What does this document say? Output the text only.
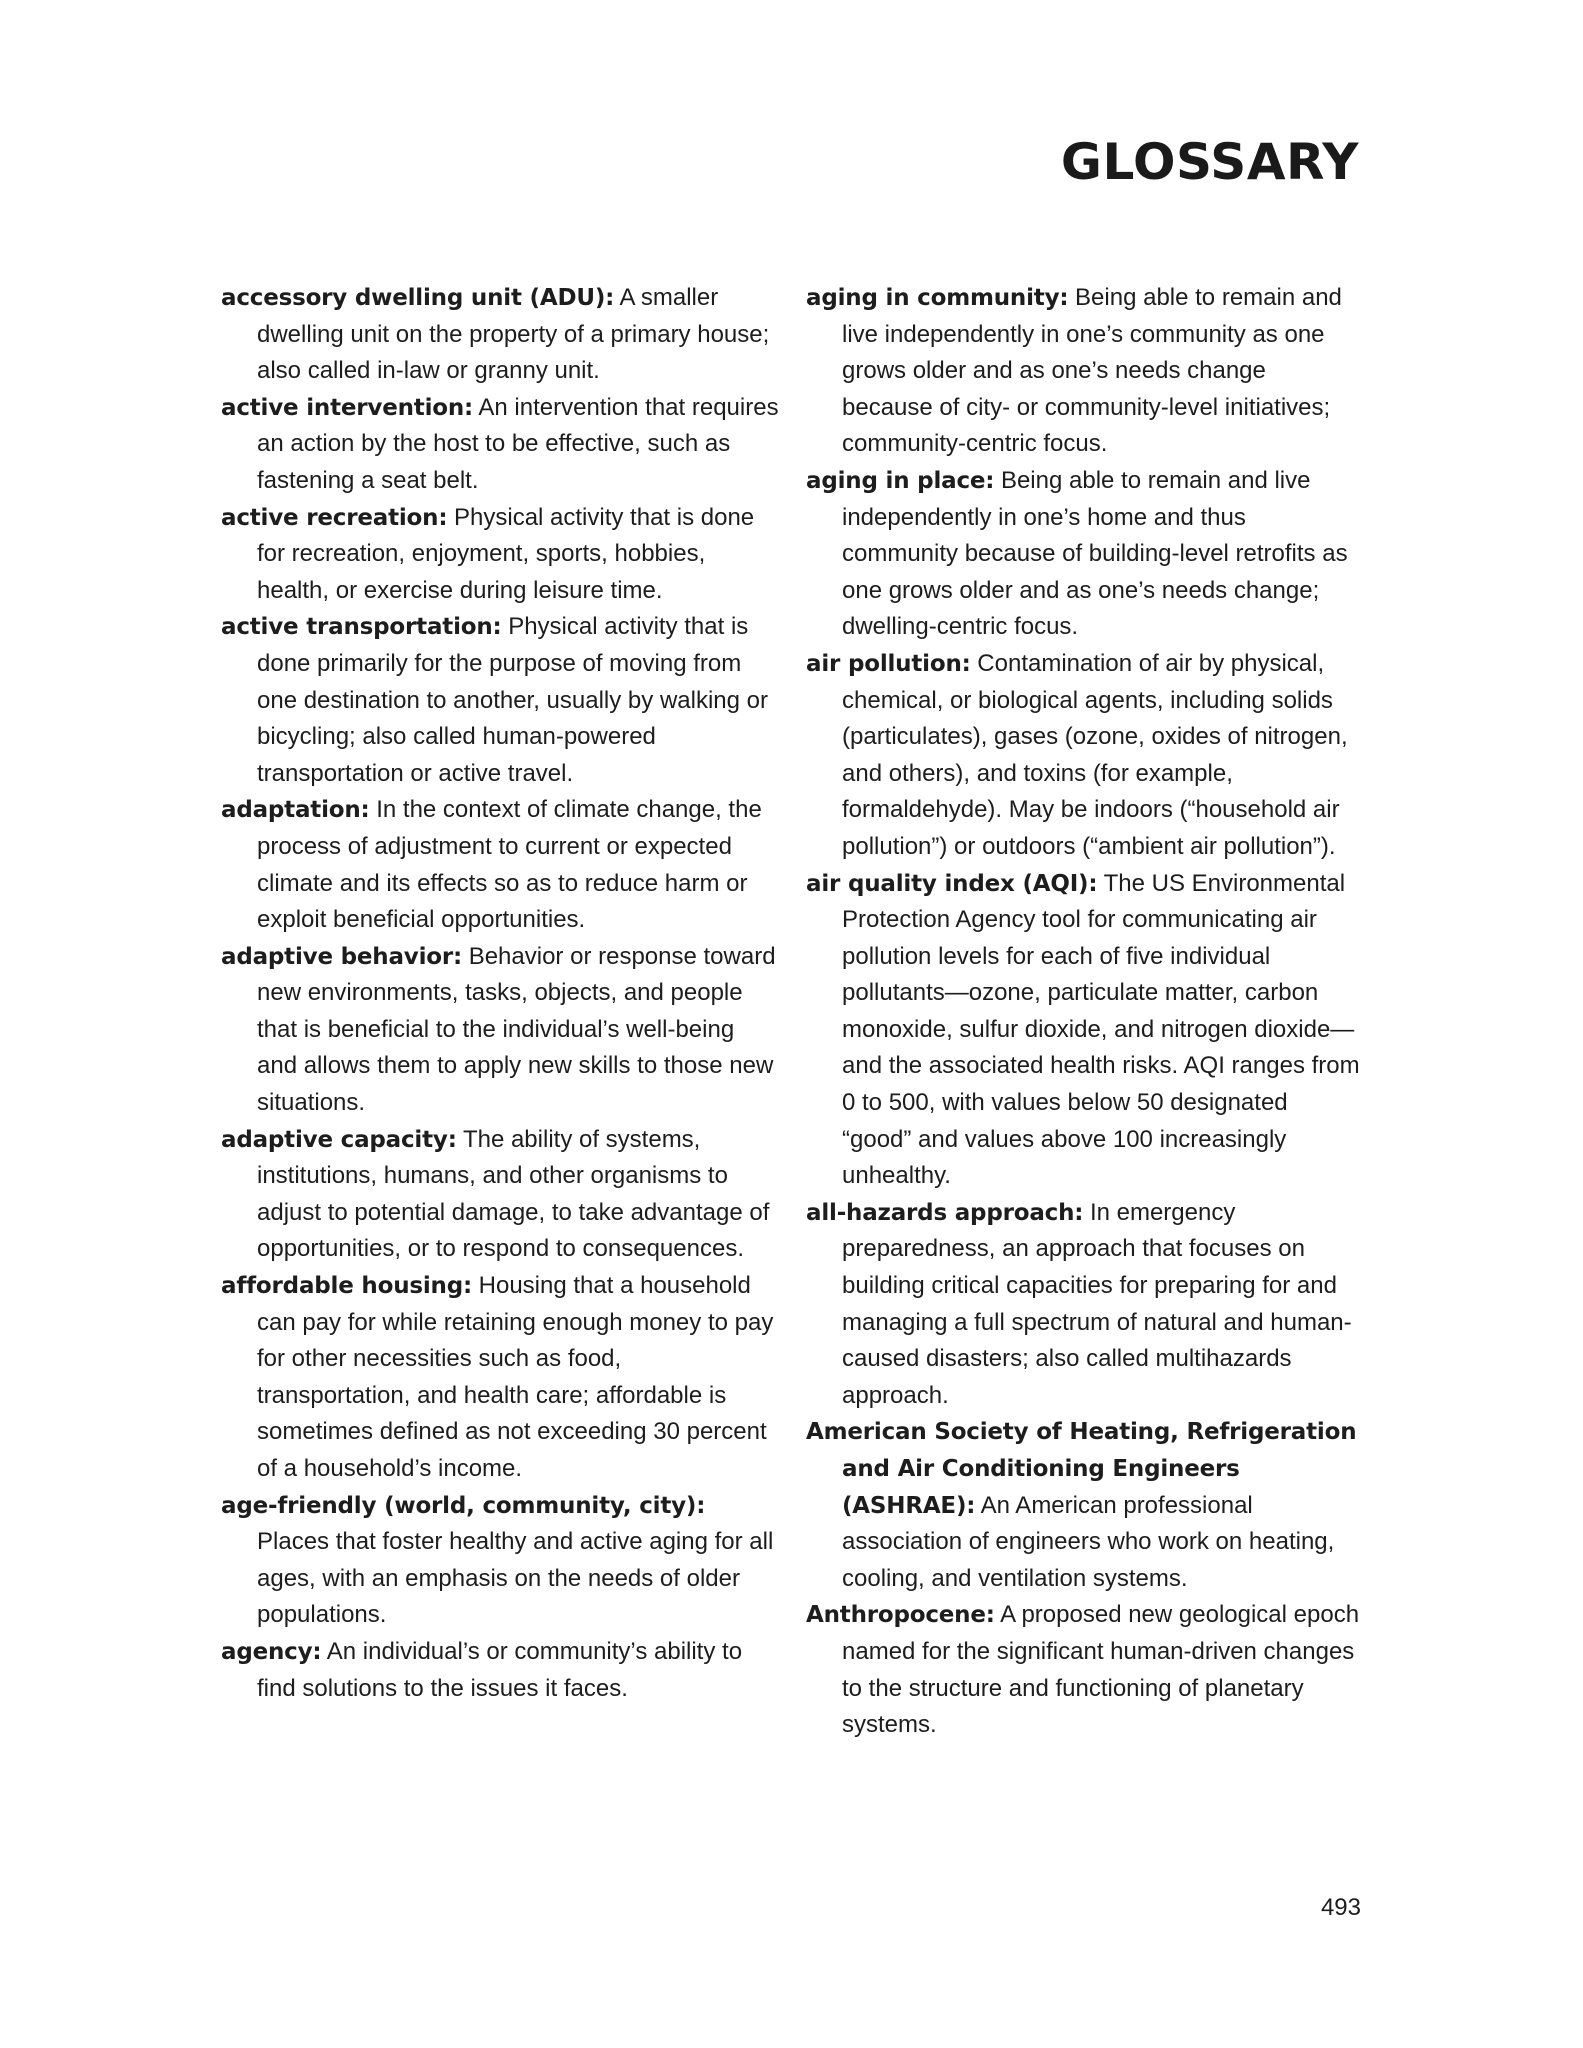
GLOSSARY

accessory dwelling unit (ADU): A smaller dwelling unit on the property of a primary house; also called in-law or granny unit.

active intervention: An intervention that requires an action by the host to be effective, such as fastening a seat belt.

active recreation: Physical activity that is done for recreation, enjoyment, sports, hobbies, health, or exercise during leisure time.

active transportation: Physical activity that is done primarily for the purpose of moving from one destination to another, usually by walking or bicycling; also called human-powered transportation or active travel.

adaptation: In the context of climate change, the process of adjustment to current or expected climate and its effects so as to reduce harm or exploit beneficial opportunities.

adaptive behavior: Behavior or response toward new environments, tasks, objects, and people that is beneficial to the individual’s well-being and allows them to apply new skills to those new situations.

adaptive capacity: The ability of systems, institutions, humans, and other organisms to adjust to potential damage, to take advantage of opportunities, or to respond to consequences.

affordable housing: Housing that a household can pay for while retaining enough money to pay for other necessities such as food, transportation, and health care; affordable is sometimes defined as not exceeding 30 percent of a household’s income.

age-friendly (world, community, city): Places that foster healthy and active aging for all ages, with an emphasis on the needs of older populations.

agency: An individual’s or community’s ability to find solutions to the issues it faces.

aging in community: Being able to remain and live independently in one’s community as one grows older and as one’s needs change because of city- or community-level initiatives; community-centric focus.

aging in place: Being able to remain and live independently in one’s home and thus community because of building-level retrofits as one grows older and as one’s needs change; dwelling-centric focus.

air pollution: Contamination of air by physical, chemical, or biological agents, including solids (particulates), gases (ozone, oxides of nitrogen, and others), and toxins (for example, formaldehyde). May be indoors (“household air pollution”) or outdoors (“ambient air pollution”).

air quality index (AQI): The US Environmental Protection Agency tool for communicating air pollution levels for each of five individual pollutants—ozone, particulate matter, carbon monoxide, sulfur dioxide, and nitrogen dioxide—and the associated health risks. AQI ranges from 0 to 500, with values below 50 designated “good” and values above 100 increasingly unhealthy.

all-hazards approach: In emergency preparedness, an approach that focuses on building critical capacities for preparing for and managing a full spectrum of natural and human-caused disasters; also called multihazards approach.

American Society of Heating, Refrigeration and Air Conditioning Engineers (ASHRAE): An American professional association of engineers who work on heating, cooling, and ventilation systems.

Anthropocene: A proposed new geological epoch named for the significant human-driven changes to the structure and functioning of planetary systems.

493
